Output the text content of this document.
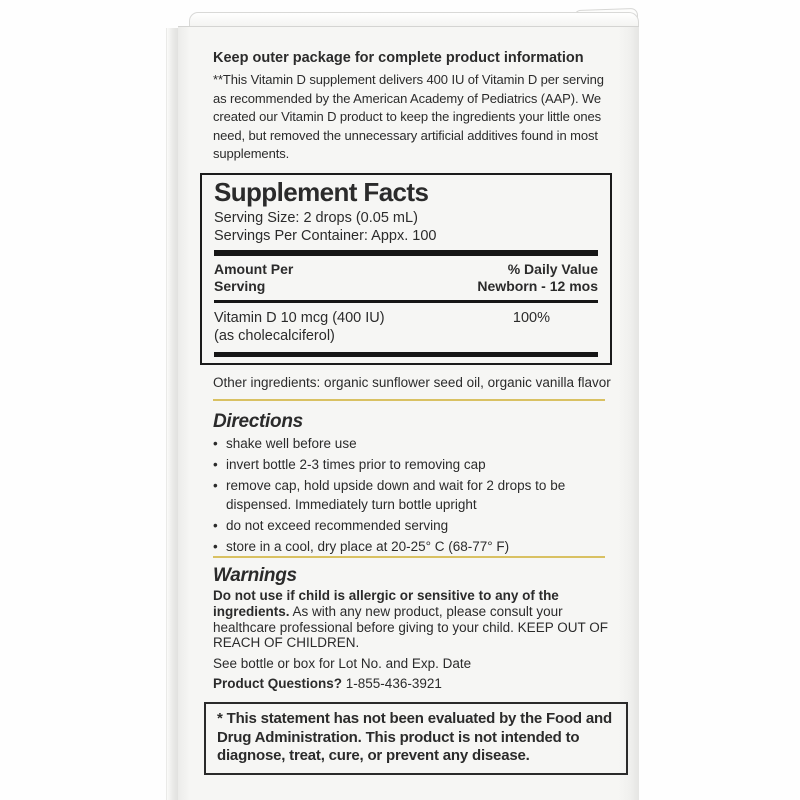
Keep outer package for complete product information

**This Vitamin D supplement delivers 400 IU of Vitamin D per serving as recommended by the American Academy of Pediatrics (AAP). We created our Vitamin D product to keep the ingredients your little ones need, but removed the unnecessary artificial additives found in most supplements.

Supplement Facts
Serving Size: 2 drops (0.05 mL)
Servings Per Container: Appx. 100
Amount Per
Serving
% Daily Value
Newborn - 12 mos
Vitamin D 10 mcg (400 IU)
(as cholecalciferol)
100%
Other ingredients: organic sunflower seed oil, organic vanilla flavor
Directions
• shake well before use
• invert bottle 2-3 times prior to removing cap
• remove cap, hold upside down and wait for 2 drops to be dispensed. Immediately turn bottle upright
• do not exceed recommended serving
• store in a cool, dry place at 20-25° C (68-77° F)
Warnings

Do not use if child is allergic or sensitive to any of the ingredients. As with any new product, please consult your healthcare professional before giving to your child. KEEP OUT OF REACH OF CHILDREN.

See bottle or box for Lot No. and Exp. Date
Product Questions? 1-855-436-3921
* This statement has not been evaluated by the Food and Drug Administration. This product is not intended to diagnose, treat, cure, or prevent any disease.
